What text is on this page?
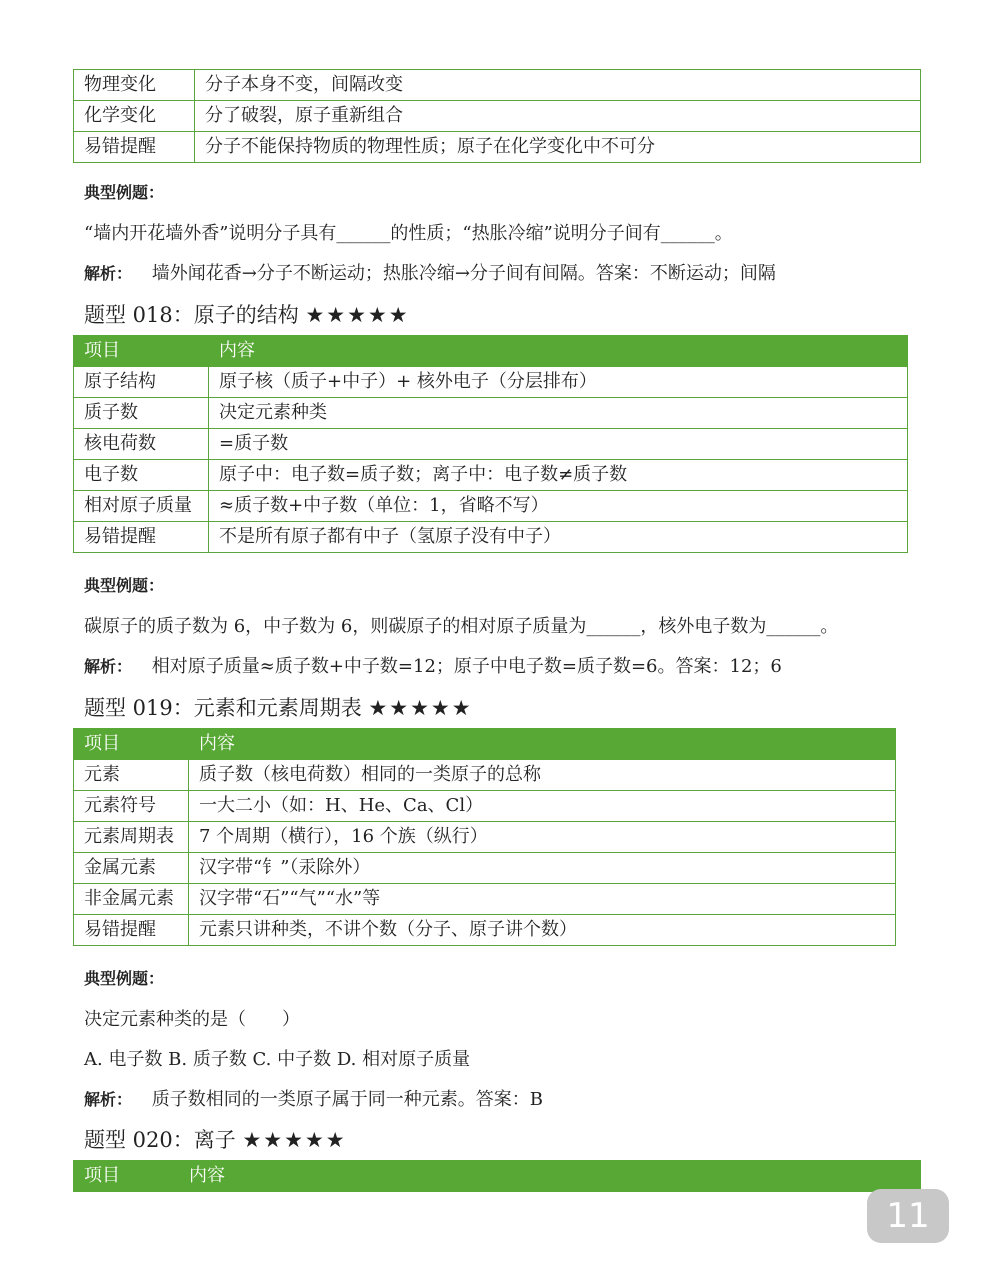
物理变化	分子本身不变，间隔改变
化学变化	分了破裂，原子重新组合
易错提醒	分子不能保持物质的物理性质；原子在化学变化中不可分
典型例题：
“墙内开花墙外香”说明分子具有______的性质；“热胀冷缩”说明分子间有______。
解析： 墙外闻花香→分子不断运动；热胀冷缩→分子间有间隔。答案：不断运动；间隔
题型 018：原子的结构 ★★★★★
项目	内容
原子结构	原子核（质子+中子）+ 核外电子（分层排布）
质子数	决定元素种类
核电荷数	=质子数
电子数	原子中：电子数=质子数；离子中：电子数≠质子数
相对原子质量	≈质子数+中子数（单位：1，省略不写）
易错提醒	不是所有原子都有中子（氢原子没有中子）
典型例题：
碳原子的质子数为 6，中子数为 6，则碳原子的相对原子质量为______，核外电子数为______。
解析： 相对原子质量≈质子数+中子数=12；原子中电子数=质子数=6。答案：12；6
题型 019：元素和元素周期表 ★★★★★
项目	内容
元素	质子数（核电荷数）相同的一类原子的总称
元素符号	一大二小（如：H、He、Ca、Cl）
元素周期表	7 个周期（横行），16 个族（纵行）
金属元素	汉字带“钅”（汞除外）
非金属元素	汉字带“石”“气”“水”等
易错提醒	元素只讲种类，不讲个数（分子、原子讲个数）
典型例题：
决定元素种类的是（　　）
A. 电子数 B. 质子数 C. 中子数 D. 相对原子质量
解析： 质子数相同的一类原子属于同一种元素。答案：B
题型 020：离子 ★★★★★
项目	内容
11
